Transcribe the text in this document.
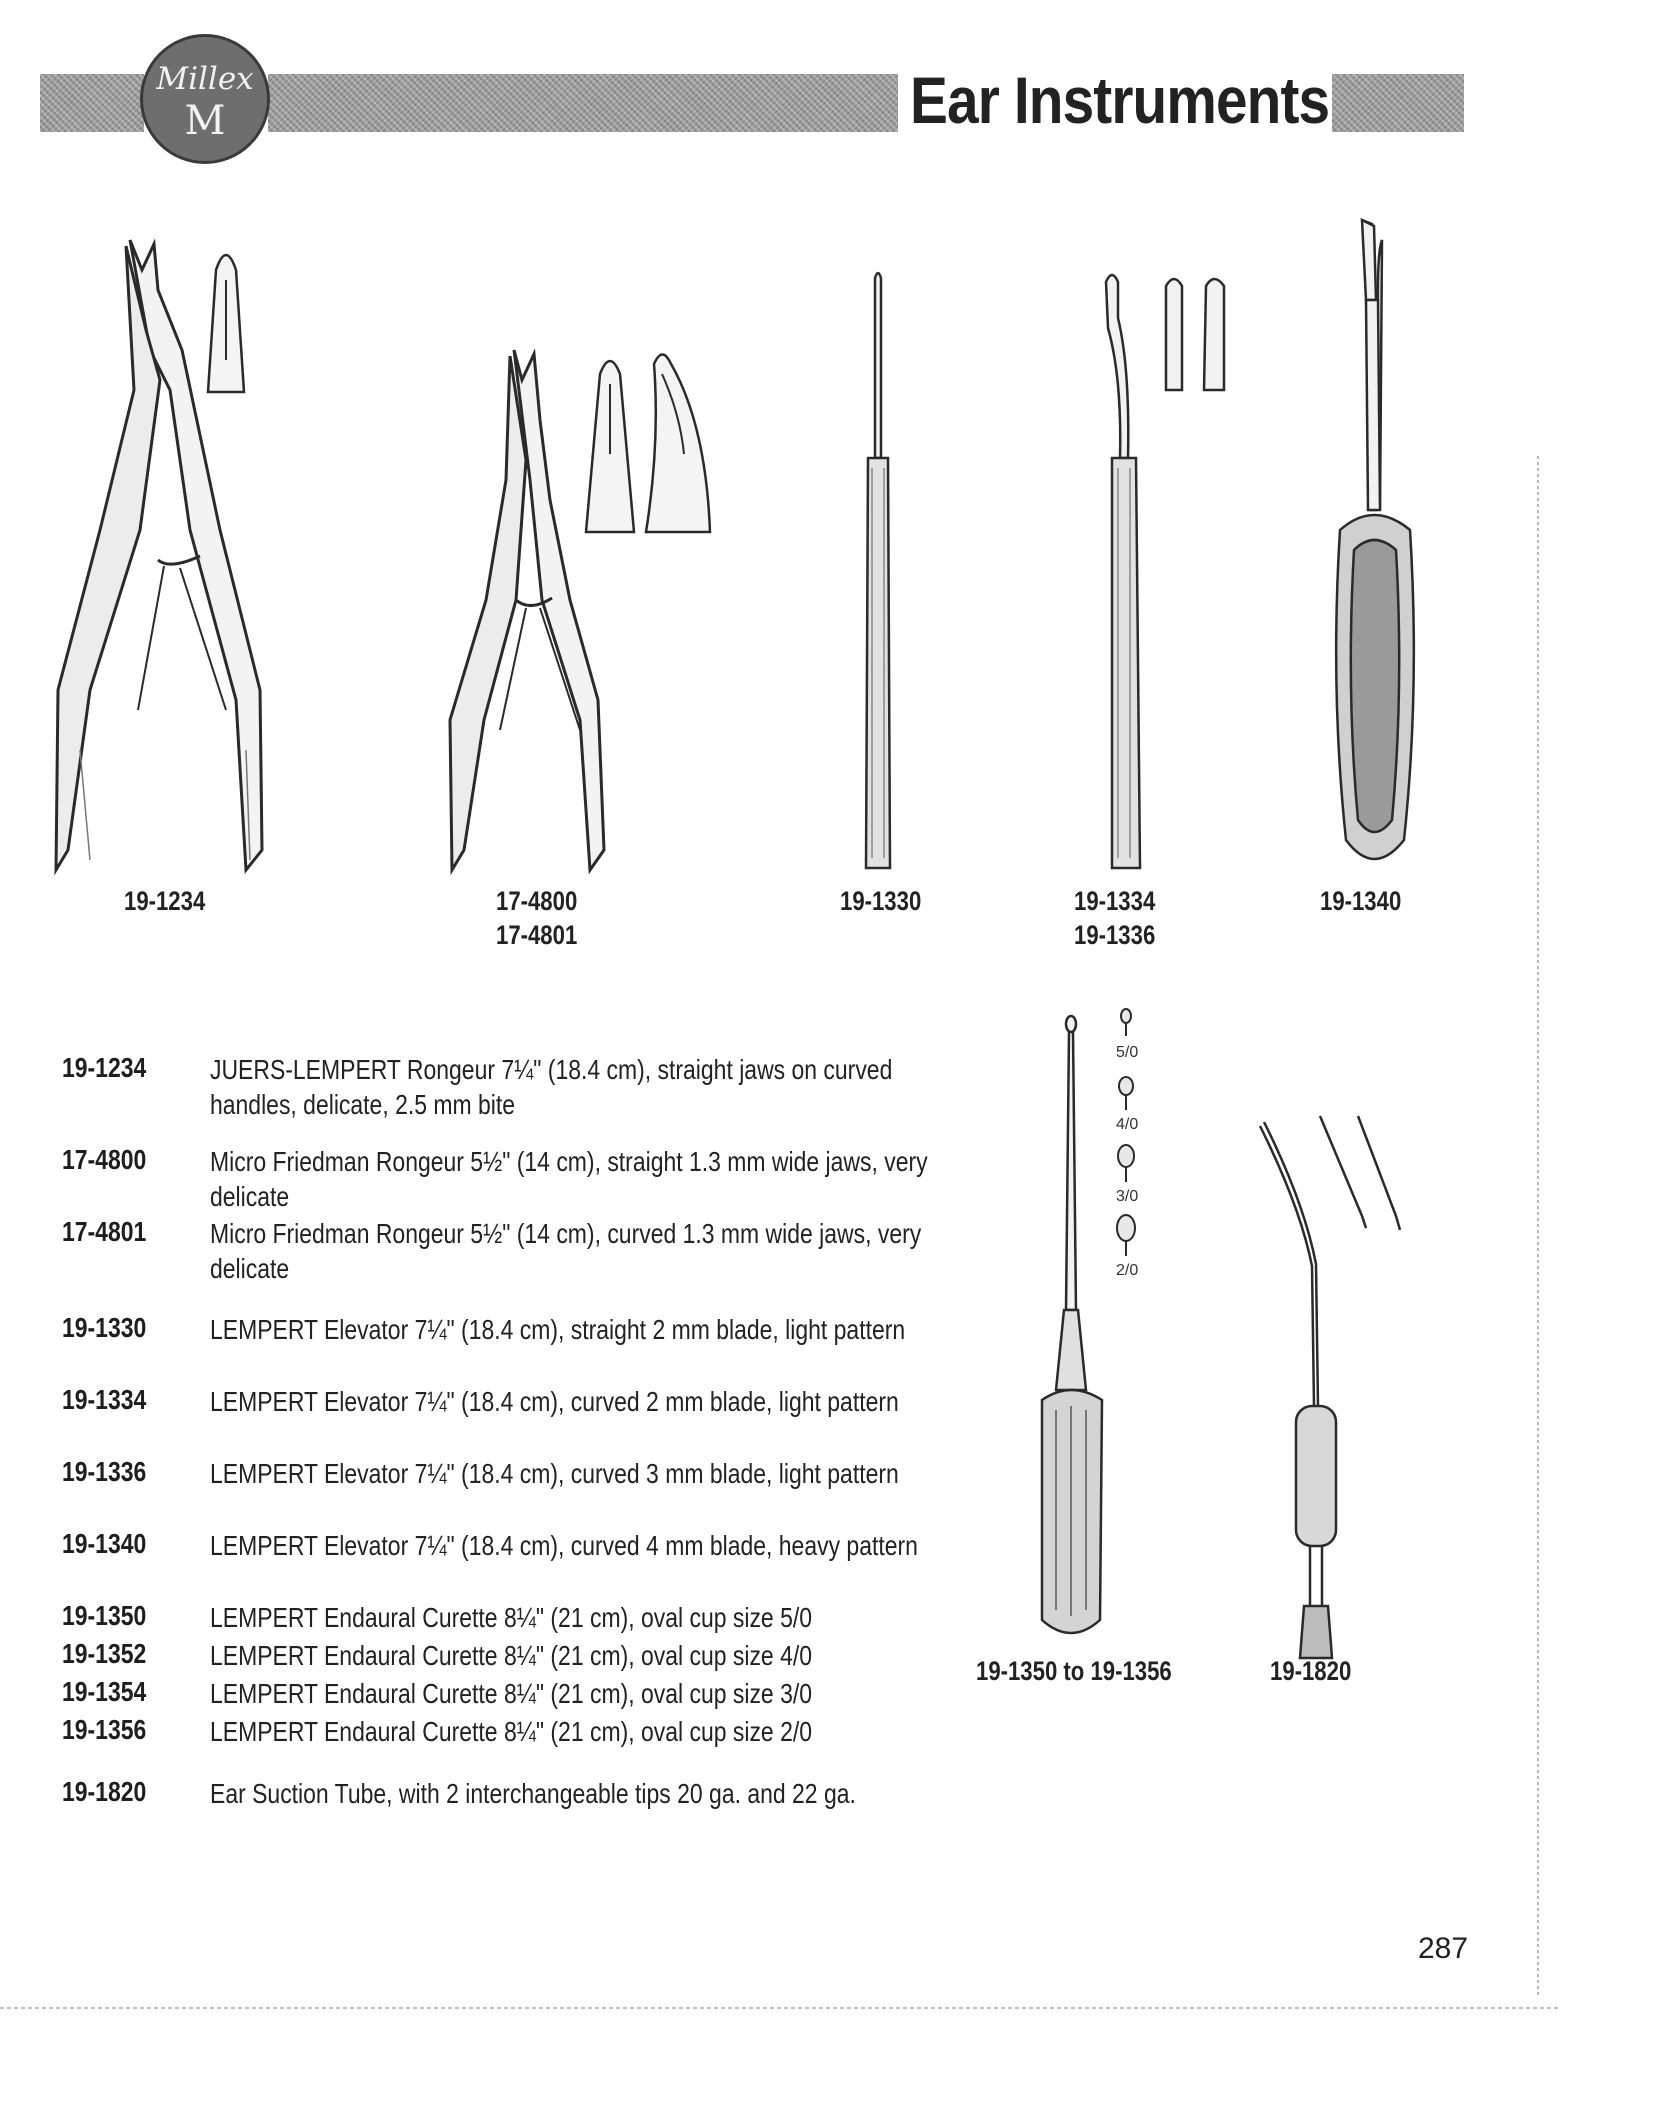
Millex
M	Ear Instruments
19-1234	17-4800
17-4801
19-1330	19-1334
19-1336
19-1340
5/0
4/0
3/0
2/0
19-1350 to 19-1356	19-1820
19-1234 JUERS-LEMPERT Rongeur 7¼" (18.4 cm), straight jaws on curved handles, delicate, 2.5 mm bite
17-4800 Micro Friedman Rongeur 5½" (14 cm), straight 1.3 mm wide jaws, very delicate
17-4801 Micro Friedman Rongeur 5½" (14 cm), curved 1.3 mm wide jaws, very delicate
19-1330 LEMPERT Elevator 7¼" (18.4 cm), straight 2 mm blade, light pattern
19-1334 LEMPERT Elevator 7¼" (18.4 cm), curved 2 mm blade, light pattern
19-1336 LEMPERT Elevator 7¼" (18.4 cm), curved 3 mm blade, light pattern
19-1340 LEMPERT Elevator 7¼" (18.4 cm), curved 4 mm blade, heavy pattern
19-1350 LEMPERT Endaural Curette 8¼" (21 cm), oval cup size 5/0
19-1352 LEMPERT Endaural Curette 8¼" (21 cm), oval cup size 4/0
19-1354 LEMPERT Endaural Curette 8¼" (21 cm), oval cup size 3/0
19-1356 LEMPERT Endaural Curette 8¼" (21 cm), oval cup size 2/0
19-1820 Ear Suction Tube, with 2 interchangeable tips 20 ga. and 22 ga.
287
